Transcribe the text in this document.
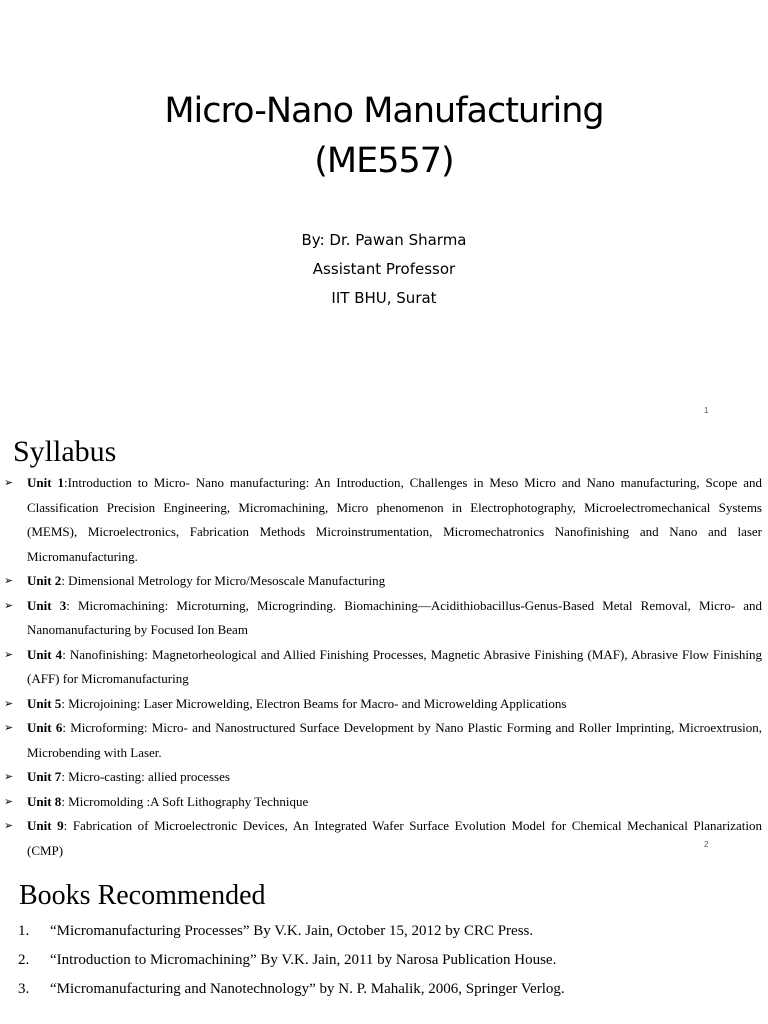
Micro-Nano Manufacturing
(ME557)
By: Dr. Pawan Sharma
Assistant Professor
IIT BHU, Surat
1
Syllabus
➢ Unit 1:Introduction to Micro- Nano manufacturing: An Introduction, Challenges in Meso Micro and Nano manufacturing, Scope and Classification Precision Engineering, Micromachining, Micro phenomenon in Electrophotography, Microelectromechanical Systems (MEMS), Microelectronics, Fabrication Methods Microinstrumentation, Micromechatronics Nanofinishing and Nano and laser Micromanufacturing.
➢ Unit 2: Dimensional Metrology for Micro/Mesoscale Manufacturing
➢ Unit 3: Micromachining: Microturning, Microgrinding. Biomachining—Acidithiobacillus-Genus-Based Metal Removal, Micro- and Nanomanufacturing by Focused Ion Beam
➢ Unit 4: Nanofinishing: Magnetorheological and Allied Finishing Processes, Magnetic Abrasive Finishing (MAF), Abrasive Flow Finishing (AFF) for Micromanufacturing
➢ Unit 5: Microjoining: Laser Microwelding, Electron Beams for Macro- and Microwelding Applications
➢ Unit 6: Microforming: Micro- and Nanostructured Surface Development by Nano Plastic Forming and Roller Imprinting, Microextrusion, Microbending with Laser.
➢ Unit 7: Micro-casting: allied processes
➢ Unit 8: Micromolding :A Soft Lithography Technique
➢ Unit 9: Fabrication of Microelectronic Devices, An Integrated Wafer Surface Evolution Model for Chemical Mechanical Planarization (CMP)	2
Books Recommended
1. “Micromanufacturing Processes” By V.K. Jain, October 15, 2012 by CRC Press.
2. “Introduction to Micromachining” By V.K. Jain, 2011 by Narosa Publication House.
3. “Micromanufacturing and Nanotechnology” by N. P. Mahalik, 2006, Springer Verlog.
